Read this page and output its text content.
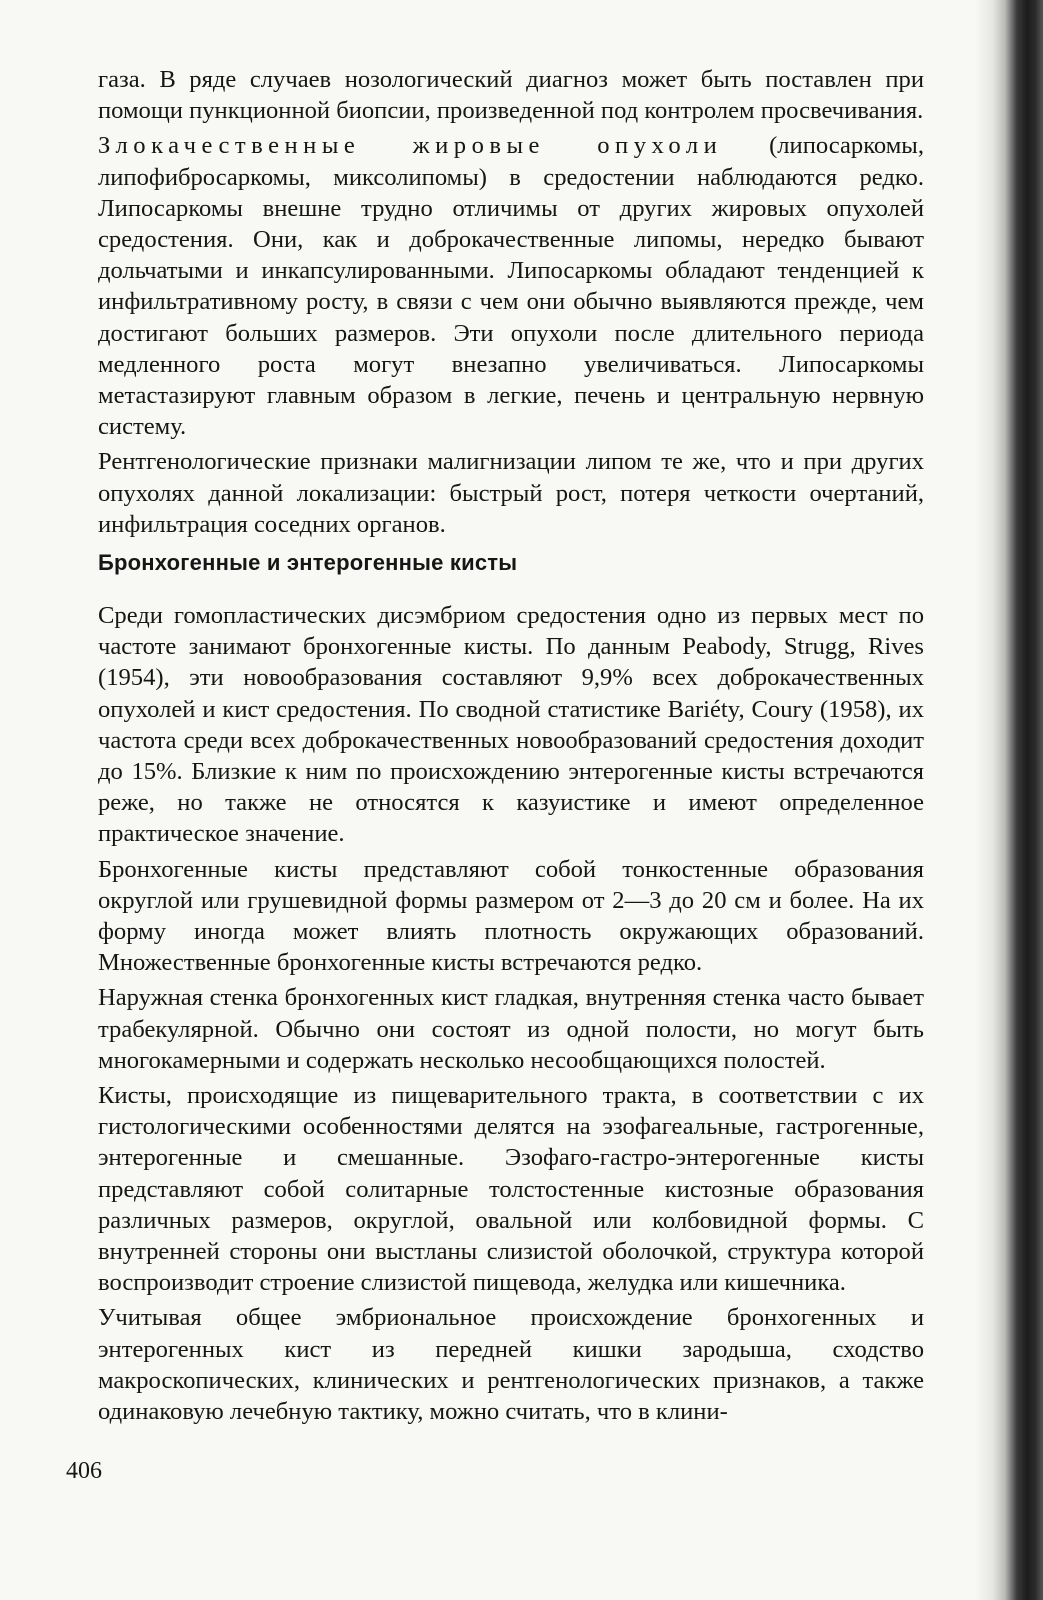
газа. В ряде случаев нозологический диагноз может быть поставлен при помощи пункционной биопсии, произведенной под контролем просвечивания.

Злокачественные жировые опухоли (липосаркомы, липофибросаркомы, миксолипомы) в средостении наблюдаются редко. Липосаркомы внешне трудно отличимы от других жировых опухолей средостения. Они, как и доброкачественные липомы, нередко бывают дольчатыми и инкапсулированными. Липосаркомы обладают тенденцией к инфильтративному росту, в связи с чем они обычно выявляются прежде, чем достигают больших размеров. Эти опухоли после длительного периода медленного роста могут внезапно увеличиваться. Липосаркомы метастазируют главным образом в легкие, печень и центральную нервную систему.

Рентгенологические признаки малигнизации липом те же, что и при других опухолях данной локализации: быстрый рост, потеря четкости очертаний, инфильтрация соседних органов.

Бронхогенные и энтерогенные кисты

Среди гомопластических дисэмбриом средостения одно из первых мест по частоте занимают бронхогенные кисты. По данным Peabody, Strugg, Rives (1954), эти новообразования составляют 9,9% всех доброкачественных опухолей и кист средостения. По сводной статистике Bariéty, Coury (1958), их частота среди всех доброкачественных новообразований средостения доходит до 15%. Близкие к ним по происхождению энтерогенные кисты встречаются реже, но также не относятся к казуистике и имеют определенное практическое значение.

Бронхогенные кисты представляют собой тонкостенные образования округлой или грушевидной формы размером от 2—3 до 20 см и более. На их форму иногда может влиять плотность окружающих образований. Множественные бронхогенные кисты встречаются редко.

Наружная стенка бронхогенных кист гладкая, внутренняя стенка часто бывает трабекулярной. Обычно они состоят из одной полости, но могут быть многокамерными и содержать несколько несообщающихся полостей.

Кисты, происходящие из пищеварительного тракта, в соответствии с их гистологическими особенностями делятся на эзофагеальные, гастрогенные, энтерогенные и смешанные. Эзофаго-гастро-энтерогенные кисты представляют собой солитарные толстостенные кистозные образования различных размеров, округлой, овальной или колбовидной формы. С внутренней стороны они выстланы слизистой оболочкой, структура которой воспроизводит строение слизистой пищевода, желудка или кишечника.

Учитывая общее эмбриональное происхождение бронхогенных и энтерогенных кист из передней кишки зародыша, сходство макроскопических, клинических и рентгенологических признаков, а также одинаковую лечебную тактику, можно считать, что в клини-

406
